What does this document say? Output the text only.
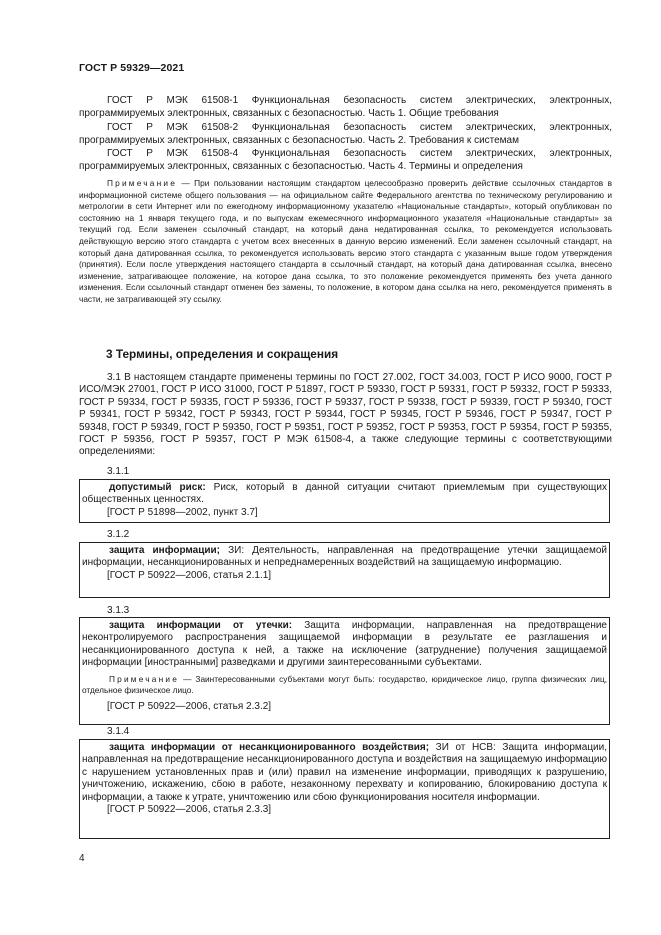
ГОСТ Р 59329—2021

ГОСТ Р МЭК 61508-1 Функциональная безопасность систем электрических, электронных, программируемых электронных, связанных с безопасностью. Часть 1. Общие требования

ГОСТ Р МЭК 61508-2 Функциональная безопасность систем электрических, электронных, программируемых электронных, связанных с безопасностью. Часть 2. Требования к системам

ГОСТ Р МЭК 61508-4 Функциональная безопасность систем электрических, электронных, программируемых электронных, связанных с безопасностью. Часть 4. Термины и определения

Примечание — При пользовании настоящим стандартом целесообразно проверить действие ссылочных стандартов в информационной системе общего пользования — на официальном сайте Федерального агентства по техническому регулированию и метрологии в сети Интернет или по ежегодному информационному указателю «Национальные стандарты», который опубликован по состоянию на 1 января текущего года, и по выпускам ежемесячного информационного указателя «Национальные стандарты» за текущий год. Если заменен ссылочный стандарт, на который дана недатированная ссылка, то рекомендуется использовать действующую версию этого стандарта с учетом всех внесенных в данную версию изменений. Если заменен ссылочный стандарт, на который дана датированная ссылка, то рекомендуется использовать версию этого стандарта с указанным выше годом утверждения (принятия). Если после утверждения настоящего стандарта в ссылочный стандарт, на который дана датированная ссылка, внесено изменение, затрагивающее положение, на которое дана ссылка, то это положение рекомендуется применять без учета данного изменения. Если ссылочный стандарт отменен без замены, то положение, в котором дана ссылка на него, рекомендуется применять в части, не затрагивающей эту ссылку.

3 Термины, определения и сокращения

3.1 В настоящем стандарте применены термины по ГОСТ 27.002, ГОСТ 34.003, ГОСТ Р ИСО 9000, ГОСТ Р ИСО/МЭК 27001, ГОСТ Р ИСО 31000, ГОСТ Р 51897, ГОСТ Р 59330, ГОСТ Р 59331, ГОСТ Р 59332, ГОСТ Р 59333, ГОСТ Р 59334, ГОСТ Р 59335, ГОСТ Р 59336, ГОСТ Р 59337, ГОСТ Р 59338, ГОСТ Р 59339, ГОСТ Р 59340, ГОСТ Р 59341, ГОСТ Р 59342, ГОСТ Р 59343, ГОСТ Р 59344, ГОСТ Р 59345, ГОСТ Р 59346, ГОСТ Р 59347, ГОСТ Р 59348, ГОСТ Р 59349, ГОСТ Р 59350, ГОСТ Р 59351, ГОСТ Р 59352, ГОСТ Р 59353, ГОСТ Р 59354, ГОСТ Р 59355, ГОСТ Р 59356, ГОСТ Р 59357, ГОСТ Р МЭК 61508-4, а также следующие термины с соответствующими определениями:

3.1.1

допустимый риск: Риск, который в данной ситуации считают приемлемым при существующих общественных ценностях.

[ГОСТ Р 51898—2002, пункт 3.7]

3.1.2

защита информации; ЗИ: Деятельность, направленная на предотвращение утечки защищаемой информации, несанкционированных и непреднамеренных воздействий на защищаемую информацию.

[ГОСТ Р 50922—2006, статья 2.1.1]

3.1.3

защита информации от утечки: Защита информации, направленная на предотвращение неконтролируемого распространения защищаемой информации в результате ее разглашения и несанкционированного доступа к ней, а также на исключение (затруднение) получения защищаемой информации [иностранными] разведками и другими заинтересованными субъектами.

Примечание — Заинтересованными субъектами могут быть: государство, юридическое лицо, группа физических лиц, отдельное физическое лицо.

[ГОСТ Р 50922—2006, статья 2.3.2]

3.1.4

защита информации от несанкционированного воздействия; ЗИ от НСВ: Защита информации, направленная на предотвращение несанкционированного доступа и воздействия на защищаемую информацию с нарушением установленных прав и (или) правил на изменение информации, приводящих к разрушению, уничтожению, искажению, сбою в работе, незаконному перехвату и копированию, блокированию доступа к информации, а также к утрате, уничтожению или сбою функционирования носителя информации.

[ГОСТ Р 50922—2006, статья 2.3.3]

4
